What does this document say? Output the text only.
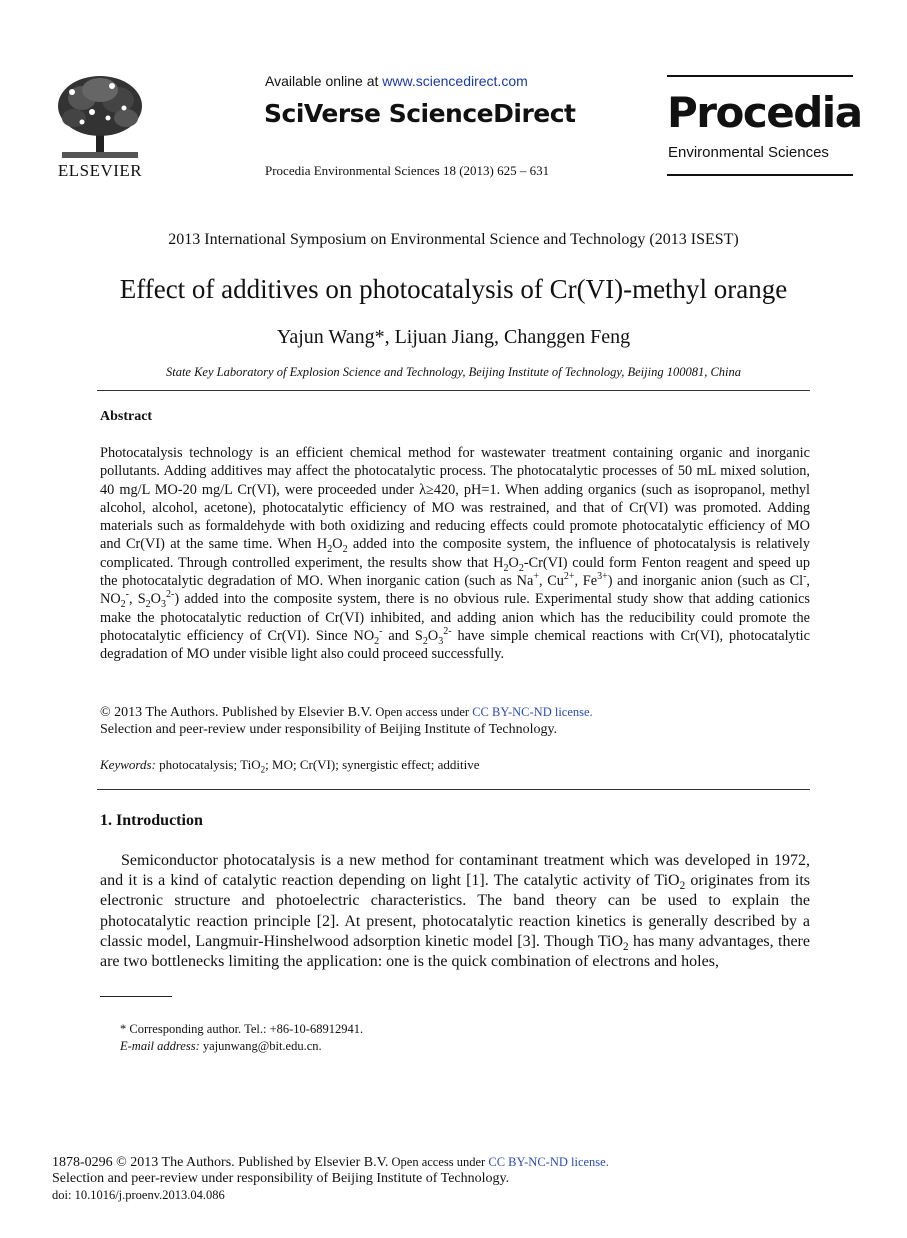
ELSEVIER
Available online at www.sciencedirect.com
SciVerse ScienceDirect
Procedia Environmental Sciences 18 (2013) 625 – 631
Procedia
Environmental Sciences
2013 International Symposium on Environmental Science and Technology (2013 ISEST)
Effect of additives on photocatalysis of Cr(VI)-methyl orange
Yajun Wang*, Lijuan Jiang, Changgen Feng
State Key Laboratory of Explosion Science and Technology, Beijing Institute of Technology, Beijing 100081, China
Abstract
Photocatalysis technology is an efficient chemical method for wastewater treatment containing organic and inorganic pollutants. Adding additives may affect the photocatalytic process. The photocatalytic processes of 50 mL mixed solution, 40 mg/L MO-20 mg/L Cr(VI), were proceeded under λ≥420, pH=1. When adding organics (such as isopropanol, methyl alcohol, alcohol, acetone), photocatalytic efficiency of MO was restrained, and that of Cr(VI) was promoted. Adding materials such as formaldehyde with both oxidizing and reducing effects could promote photocatalytic efficiency of MO and Cr(VI) at the same time. When $H_2O_2$ added into the composite system, the influence of photocatalysis is relatively complicated. Through controlled experiment, the results show that $H_2O_2-Cr(VI)$ could form Fenton reagent and speed up the photocatalytic degradation of MO. When inorganic cation (such as Na+, $Cu^{2+}$, $Fe^{3+}$) and inorganic anion (such as Cl-, $NO_2^-$, $S_2O_3^{2-}$) added into the composite system, there is no obvious rule. Experimental study show that adding cationics make the photocatalytic reduction of Cr(VI) inhibited, and adding anion which has the reducibility could promote the photocatalytic efficiency of Cr(VI). Since $NO_2^-$ and $S_2O_3^{2-}$ have simple chemical reactions with Cr(VI), photocatalytic degradation of MO under visible light also could proceed successfully.
© 2013 The Authors. Published by Elsevier B.V. Open access under CC BY-NC-ND license.
Selection and peer-review under responsibility of Beijing Institute of Technology.
Keywords: photocatalysis; TiO$_2$; MO; Cr(VI); synergistic effect; additive
1. Introduction
Semiconductor photocatalysis is a new method for contaminant treatment which was developed in 1972, and it is a kind of catalytic reaction depending on light [1]. The catalytic activity of TiO$_2$ originates from its electronic structure and photoelectric characteristics. The band theory can be used to explain the photocatalytic reaction principle [2]. At present, photocatalytic reaction kinetics is generally described by a classic model, Langmuir-Hinshelwood adsorption kinetic model [3]. Though TiO$_2$ has many advantages, there are two bottlenecks limiting the application: one is the quick combination of electrons and holes,
* Corresponding author. Tel.: +86-10-68912941.
E-mail address: yajunwang@bit.edu.cn.
1878-0296 © 2013 The Authors. Published by Elsevier B.V. Open access under CC BY-NC-ND license.
Selection and peer-review under responsibility of Beijing Institute of Technology.
doi: 10.1016/j.proenv.2013.04.086
